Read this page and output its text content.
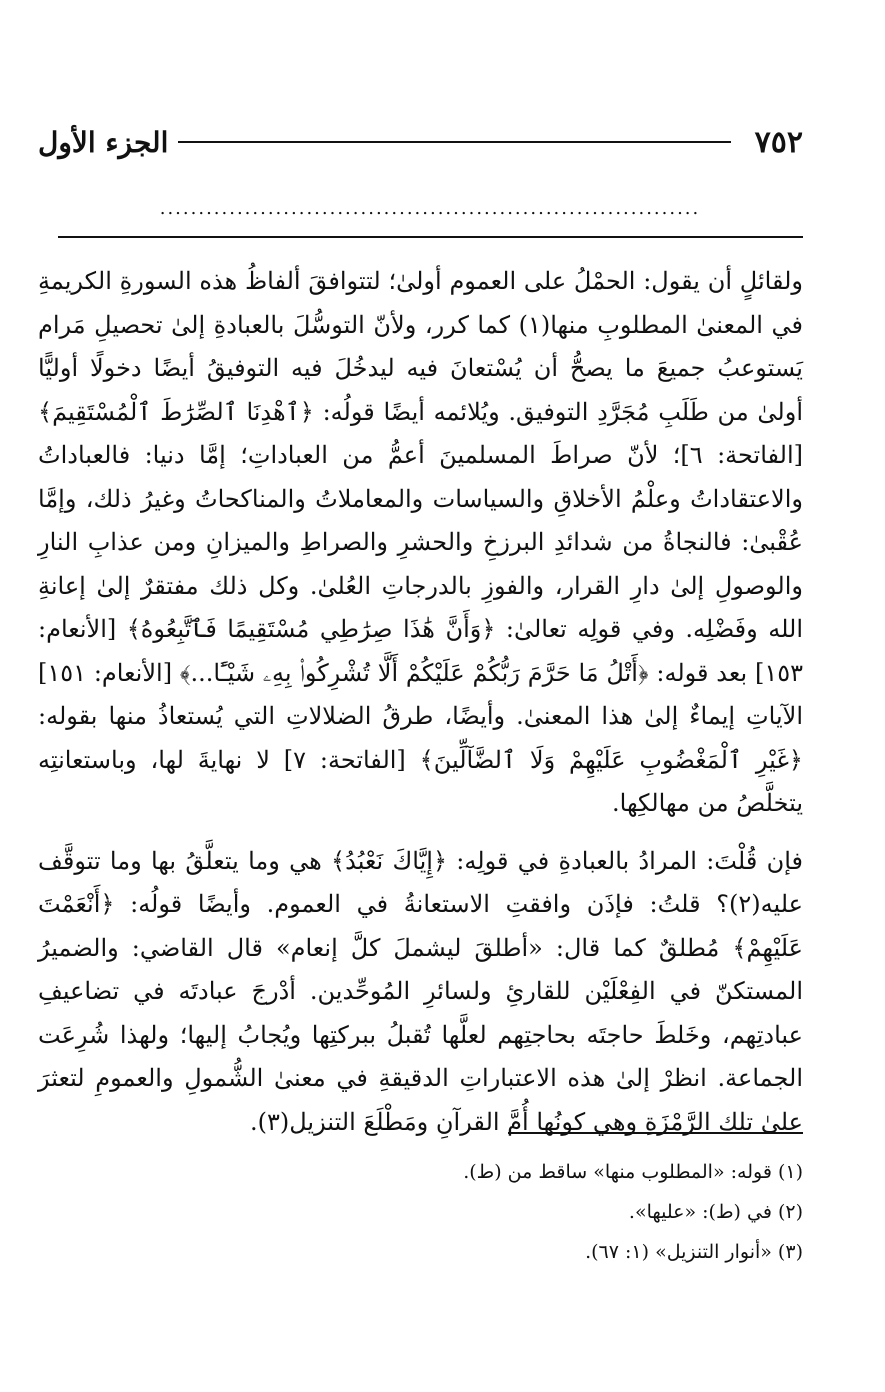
٧٥٢
الجزء الأول
......................................................................

ولقائلٍ أن يقول: الحمْلُ على العموم أولىٰ؛ لتتوافقَ ألفاظُ هذه السورةِ الكريمةِ في المعنىٰ المطلوبِ منها(١) كما كرر، ولأنّ التوسُّلَ بالعبادةِ إلىٰ تحصيلِ مَرام يَستوعبُ جميعَ ما يصحُّ أن يُسْتعانَ فيه ليدخُلَ فيه التوفيقُ أيضًا دخولًا أوليًّا أولىٰ من طَلَبِ مُجَرَّدِ التوفيق. ويُلائمه أيضًا قولُه: ﴿ٱهْدِنَا ٱلصِّرَٰطَ ٱلْمُسْتَقِيمَ﴾ [الفاتحة: ٦]؛ لأنّ صراطَ المسلمينَ أعمُّ من العباداتِ؛ إمَّا دنيا: فالعباداتُ والاعتقاداتُ وعلْمُ الأخلاقِ والسياسات والمعاملاتُ والمناكحاتُ وغيرُ ذلك، وإمَّا عُقْبىٰ: فالنجاةُ من شدائدِ البرزخِ والحشرِ والصراطِ والميزانِ ومن عذابِ النارِ والوصولِ إلىٰ دارِ القرار، والفوزِ بالدرجاتِ العُلىٰ. وكل ذلك مفتقرٌ إلىٰ إعانةِ الله وفَضْلِه. وفي قولِه تعالىٰ: ﴿وَأَنَّ هَٰذَا صِرَٰطِي مُسْتَقِيمًا فَٱتَّبِعُوهُ﴾ [الأنعام: ١٥٣] بعد قوله: ﴿أَتْلُ مَا حَرَّمَ رَبُّكُمْ عَلَيْكُمْ أَلَّا تُشْرِكُوا۟ بِهِۦ شَيْـًٔا...﴾ [الأنعام: ١٥١] الآياتِ إيماءٌ إلىٰ هذا المعنىٰ. وأيضًا، طرقُ الضلالاتِ التي يُستعاذُ منها بقوله: ﴿غَيْرِ ٱلْمَغْضُوبِ عَلَيْهِمْ وَلَا ٱلضَّآلِّينَ﴾ [الفاتحة: ٧] لا نهايةَ لها، وباستعانتِه يتخلَّصُ من مهالكِها.

فإن قُلْتَ: المرادُ بالعبادةِ في قولِه: ﴿إِيَّاكَ نَعْبُدُ﴾ هي وما يتعلَّقُ بها وما تتوقَّف عليه(٢)؟ قلتُ: فإذَن وافقتِ الاستعانةُ في العموم. وأيضًا قولُه: ﴿أَنْعَمْتَ عَلَيْهِمْ﴾ مُطلقٌ كما قال: «أطلقَ ليشملَ كلَّ إنعام» قال القاضي: والضميرُ المستكنّ في الفِعْلَيْن للقارئِ ولسائرِ المُوحِّدين. أدْرجَ عبادتَه في تضاعيفِ عبادتِهم، وخَلطَ حاجتَه بحاجتِهم لعلَّها تُقبلُ ببركتِها ويُجابُ إليها؛ ولهذا شُرِعَت الجماعة. انظرْ إلىٰ هذه الاعتباراتِ الدقيقةِ في معنىٰ الشُّمولِ والعمومِ لتعثرَ علىٰ تلك الرَّمْزَةِ وهي كونُها أُمَّ القرآنِ ومَطْلَعَ التنزيل(٣).

(١) قوله: «المطلوب منها» ساقط من (ط).

(٢) في (ط): «عليها».

(٣) «أنوار التنزيل» (١: ٦٧).
